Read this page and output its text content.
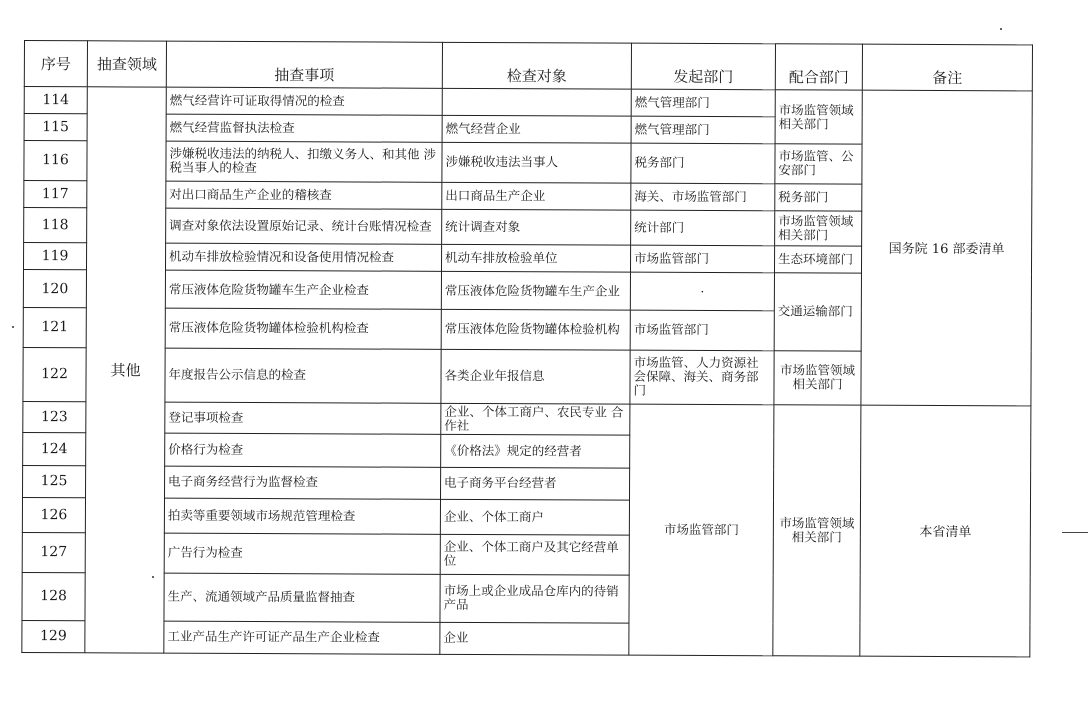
序号	抽查领域	抽查事项	检查对象	发起部门	配合部门	备注
114	其他	燃气经营许可证取得情况的检查		燃气管理部门	市场监管领域相关部门	国务院 16 部委清单
115		燃气经营监督执法检查	燃气经营企业	燃气管理部门		
116		涉嫌税收违法的纳税人、扣缴义务人、和其他 涉税当事人的检查	涉嫌税收违法当事人	税务部门	市场监管、公安部门	
117		对出口商品生产企业的稽核查	出口商品生产企业	海关、市场监管部门	税务部门	
118		调查对象依法设置原始记录、统计台账情况检查	统计调查对象	统计部门	市场监管领域相关部门	
119		机动车排放检验情况和设备使用情况检查	机动车排放检验单位	市场监管部门	生态环境部门	
120		常压液体危险货物罐车生产企业检查	常压液体危险货物罐车生产企业	·	交通运输部门	
121		常压液体危险货物罐体检验机构检查	常压液体危险货物罐体检验机构	市场监管部门		
122		年度报告公示信息的检查	各类企业年报信息	市场监管、人力资源社会保障、海关、商务部门	市场监管领域相关部门	
123		登记事项检查	企业、个体工商户、农民专业 合作社	市场监管部门	市场监管领域相关部门	本省清单
124		价格行为检查	《价格法》规定的经营者			
125		电子商务经营行为监督检查	电子商务平台经营者			
126		拍卖等重要领域市场规范管理检查	企业、个体工商户			
127		广告行为检查	企业、个体工商户及其它经营单位			
128		生产、流通领域产品质量监督抽查	市场上或企业成品仓库内的待销产品			
129		工业产品生产许可证产品生产企业检查	企业			
